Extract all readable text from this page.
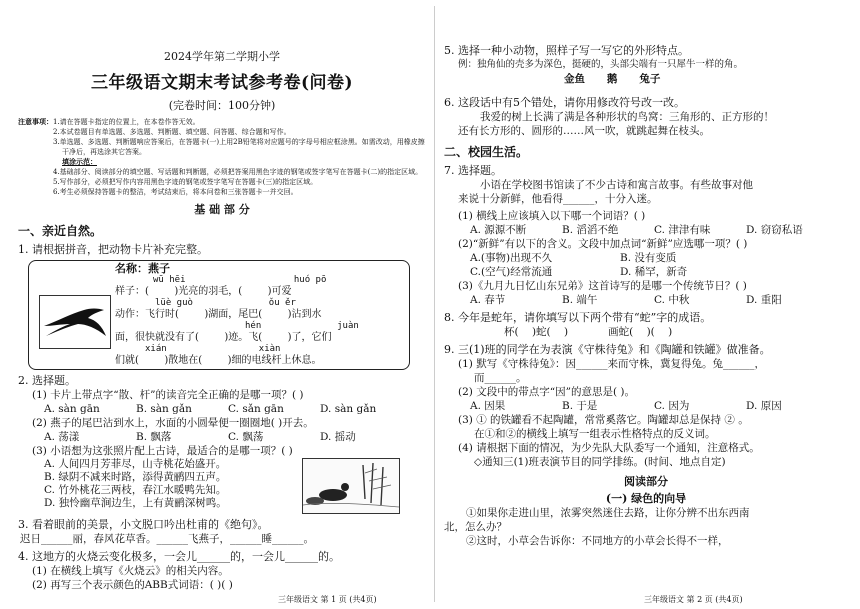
2024学年第二学期小学

三年级语文期末考试参考卷(问卷)

(完卷时间：100分钟)

注意事项：1.请在答题卡指定的位置上，在本卷作答无效。

2.本试卷题目有单选题、多选题、判断题、填空题、问答题、综合题和写作。

3.单选题、多选题、判断题响应答案后，在答题卡(一)上用2B铅笔将对应题号的字母号相应框涂黑。如需改动，用橡皮擦干净后，再选涂其它答案。

填涂示范：

4.基础部分、阅读部分的填空题、写话题和判断题，必须把答案用黑色字迹的钢笔或签字笔写在答题卡(二)的指定区域。

5.写作部分，必须把写作内容用黑色字迹的钢笔或签字笔写在答题卡(三)的指定区域。

6.考生必须保持答题卡的整洁，考试结束后，将本问卷和三张答题卡一并交回。

基 础 部 分

一、亲近自然。

1. 请根据拼音，把动物卡片补充完整。

名称：燕子

wū hēi                    huó pō

样子：(        )光亮的羽毛，(        )可爱

lüè guò              ǒu ěr

动作：飞行时(        )湖面，尾巴(        )沾到水

hén              juàn

面，很快就没有了(        )迹。飞(        )了，它们

xián                 xiàn

们就(        )散地在(        )细的电线杆上休息。

2. 选择题。

(1) 卡片上带点字“散、杆”的读音完全正确的是哪一项？( )

A. sàn gān	B. sàn gǎn	C. sǎn gān	D. sàn gǎn

(2) 燕子的尾巴沾到水上，水面的小圆晕便一圈圈地( )开去。

A. 荡漾	B. 飘落	C. 飘荡	D. 摇动

(3) 小语想为这张照片配上古诗，最适合的是哪一项？( )

A. 人间四月芳菲尽，山寺桃花始盛开。

B. 绿阴不减来时路，添得黄鹂四五声。

C. 竹外桃花三两枝，春江水暖鸭先知。

D. 独怜幽草涧边生，上有黄鹂深树鸣。

3. 看着眼前的美景，小文脱口吟出杜甫的《绝句》。

迟日______丽，春风花草香。______飞燕子，______睡______。

4. 这地方的火烧云变化极多，一会儿______的，一会儿______的。

(1) 在横线上填写《火烧云》的相关内容。

(2) 再写三个表示颜色的ABB式词语：( )( )

三年级语文 第 1 页 (共4页)

5. 选择一种小动物，照样子写一写它的外形特点。

例：独角仙的壳多为深色，挺硬的，头部尖端有一只犀牛一样的角。

金鱼      鹅      兔子

6. 这段话中有5个错处，请你用修改符号改一改。

我爱的树上长满了满是各种形状的鸟窝：三角形的、正方形的！

还有长方形的、圆形的……风一吹，就跳起舞在枝头。

二、校园生活。

7. 选择题。

小语在学校图书馆读了不少古诗和寓言故事。有些故事对他

来说十分新鲜，他看得______，十分入迷。

(1) 横线上应该填入以下哪一个词语？( )

A. 源源不断	B. 滔滔不绝	C. 津津有味	D. 窃窃私语

(2)“新鲜”有以下的含义。文段中加点词“新鲜”应选哪一项？( )

A.(事物)出现不久	B. 没有变质

C.(空气)经常流通	D. 稀罕，新奇

(3)《九月九日忆山东兄弟》这首诗写的是哪一个传统节日？( )

A. 春节	B. 端午	C. 中秋	D. 重阳

8. 今年是蛇年，请你填写以下两个带有“蛇”字的成语。

杯(    )蛇(    )            画蛇(    )(    )

9. 三(1)班的同学在为表演《守株待兔》和《陶罐和铁罐》做准备。

(1) 默写《守株待兔》：因______来而守株，冀复得兔。兔______，

而______。

(2) 文段中的带点字“因”的意思是( )。

A. 因果	B. 于是	C. 因为	D. 原因

(3) ① 的铁罐看不起陶罐，常常奚落它。陶罐却总是保持 ② 。

在①和②的横线上填写一组表示性格特点的反义词。

(4) 请根据下面的情况，为少先队大队委写一个通知，注意格式。

◇通知三(1)班表演节目的同学排练。(时间、地点自定)

阅读部分

(一) 绿色的向导

①如果你走进山里，浓雾突然迷住去路，让你分辨不出东西南

北，怎么办？

②这时，小草会告诉你：不同地方的小草会长得不一样，

三年级语文 第 2 页 (共4页)
